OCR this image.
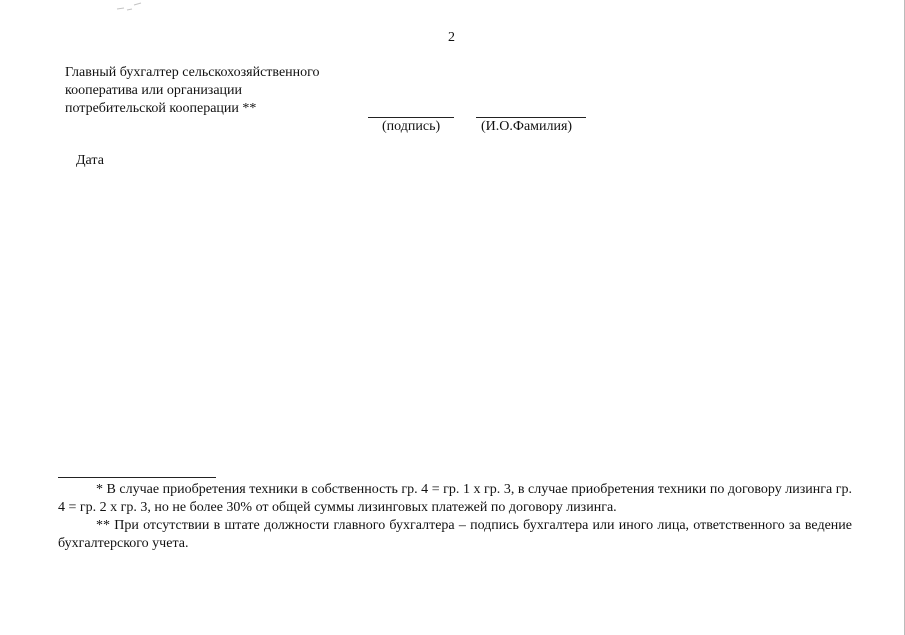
2
Главный бухгалтер сельскохозяйственного
кооператива или организации
потребительской кооперации **
(подпись)	(И.О.Фамилия)
Дата

* В случае приобретения техники в собственность гр. 4 = гр. 1 х гр. 3, в случае приобретения техники по договору лизинга гр. 4 = гр. 2 х гр. 3, но не более 30% от общей суммы лизинговых платежей по договору лизинга.

** При отсутствии в штате должности главного бухгалтера – подпись бухгалтера или иного лица, ответственного за ведение бухгалтерского учета.
